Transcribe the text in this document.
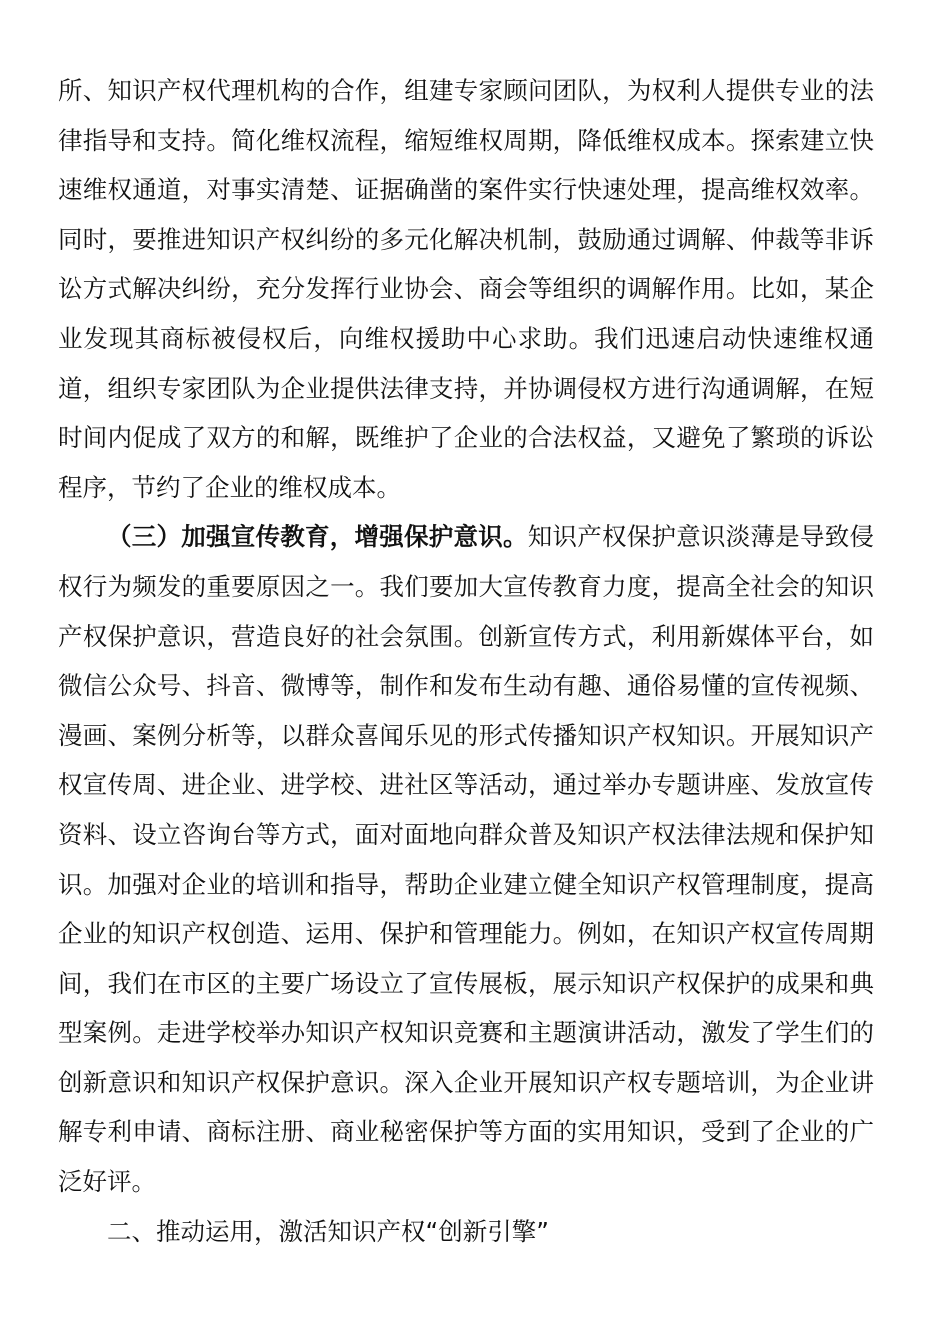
所、知识产权代理机构的合作，组建专家顾问团队，为权利人提供专业的法律指导和支持。简化维权流程，缩短维权周期，降低维权成本。探索建立快速维权通道，对事实清楚、证据确凿的案件实行快速处理，提高维权效率。同时，要推进知识产权纠纷的多元化解决机制，鼓励通过调解、仲裁等非诉讼方式解决纠纷，充分发挥行业协会、商会等组织的调解作用。比如，某企业发现其商标被侵权后，向维权援助中心求助。我们迅速启动快速维权通道，组织专家团队为企业提供法律支持，并协调侵权方进行沟通调解，在短时间内促成了双方的和解，既维护了企业的合法权益，又避免了繁琐的诉讼程序，节约了企业的维权成本。

（三）加强宣传教育，增强保护意识。知识产权保护意识淡薄是导致侵权行为频发的重要原因之一。我们要加大宣传教育力度，提高全社会的知识产权保护意识，营造良好的社会氛围。创新宣传方式，利用新媒体平台，如微信公众号、抖音、微博等，制作和发布生动有趣、通俗易懂的宣传视频、漫画、案例分析等，以群众喜闻乐见的形式传播知识产权知识。开展知识产权宣传周、进企业、进学校、进社区等活动，通过举办专题讲座、发放宣传资料、设立咨询台等方式，面对面地向群众普及知识产权法律法规和保护知识。加强对企业的培训和指导，帮助企业建立健全知识产权管理制度，提高企业的知识产权创造、运用、保护和管理能力。例如，在知识产权宣传周期间，我们在市区的主要广场设立了宣传展板，展示知识产权保护的成果和典型案例。走进学校举办知识产权知识竞赛和主题演讲活动，激发了学生们的创新意识和知识产权保护意识。深入企业开展知识产权专题培训，为企业讲解专利申请、商标注册、商业秘密保护等方面的实用知识，受到了企业的广泛好评。

二、推动运用，激活知识产权“创新引擎”
